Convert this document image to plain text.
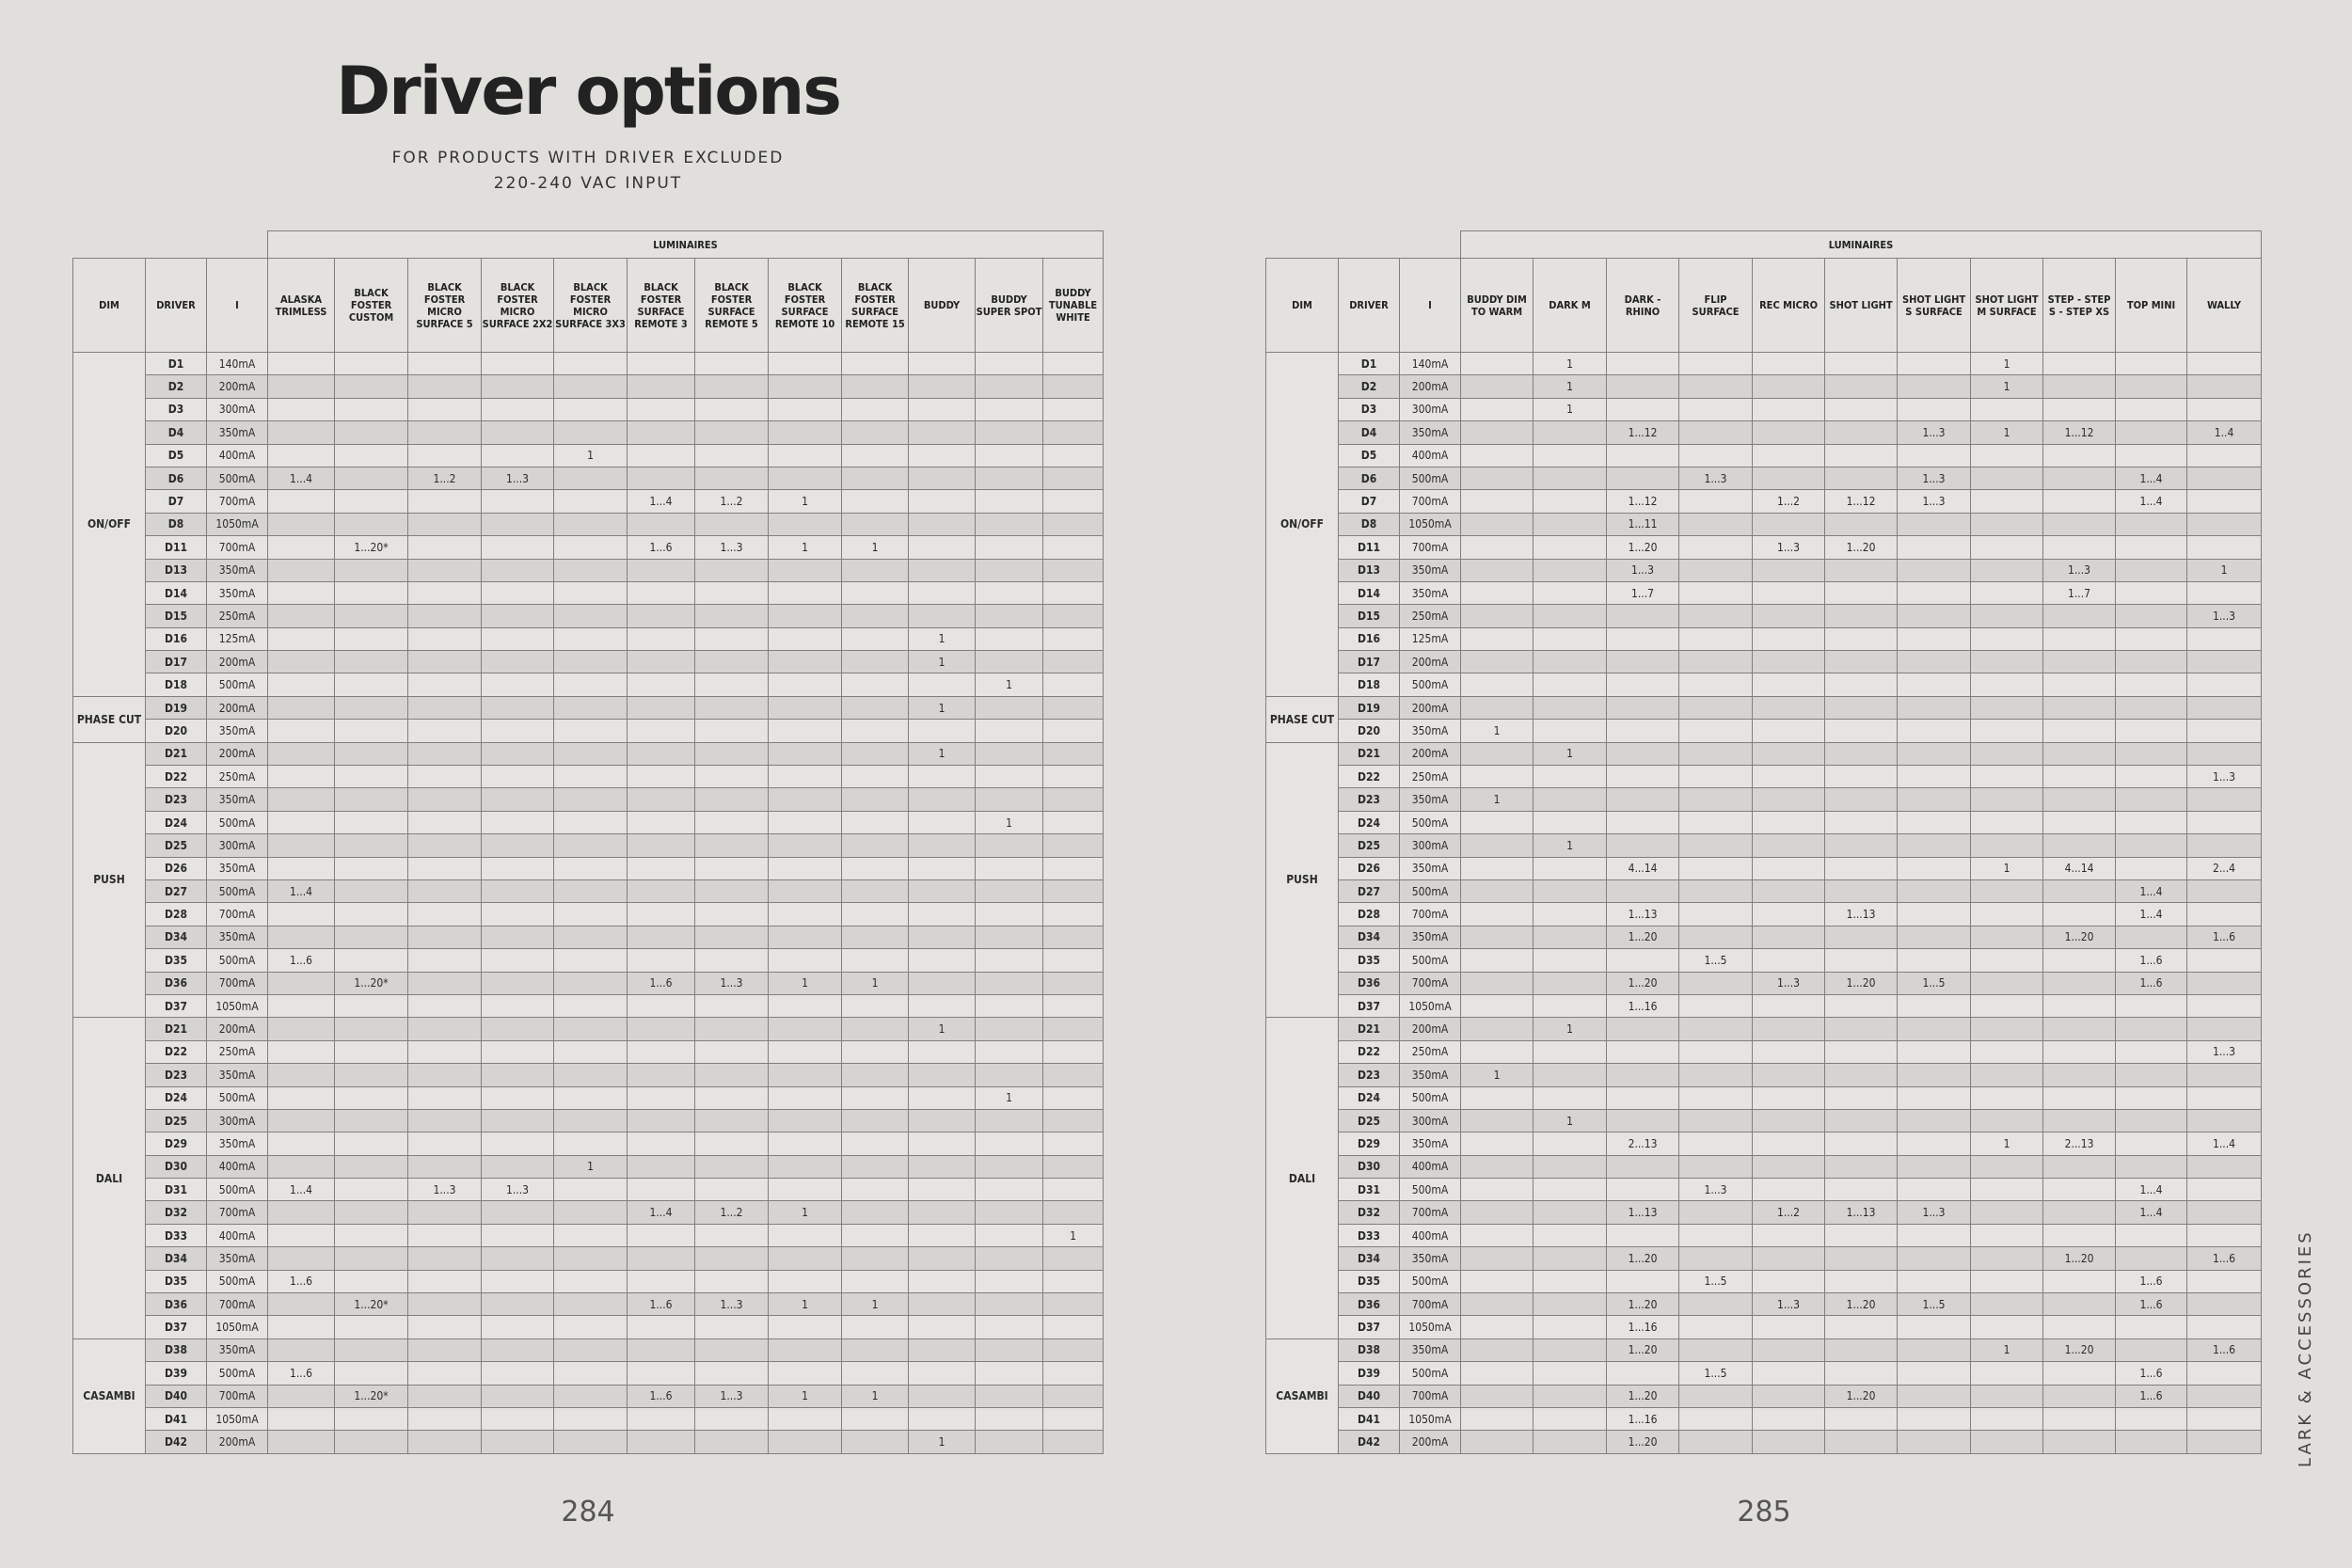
Driver options
FOR PRODUCTS WITH DRIVER EXCLUDED
220-240 VAC INPUT
			LUMINAIRES											
DIM	DRIVER	I	ALASKA TRIMLESS	BLACK FOSTER CUSTOM	BLACK FOSTER MICRO SURFACE 5	BLACK FOSTER MICRO SURFACE 2X2	BLACK FOSTER MICRO SURFACE 3X3	BLACK FOSTER SURFACE REMOTE 3	BLACK FOSTER SURFACE REMOTE 5	BLACK FOSTER SURFACE REMOTE 10	BLACK FOSTER SURFACE REMOTE 15	BUDDY	BUDDY SUPER SPOT	BUDDY TUNABLE WHITE
ON/OFF	D1	140mA												
	D2	200mA												
	D3	300mA												
	D4	350mA												
	D5	400mA					1							
	D6	500mA	1...4		1...2	1...3								
	D7	700mA						1...4	1...2	1				
	D8	1050mA												
	D11	700mA		1...20*				1...6	1...3	1	1			
	D13	350mA												
	D14	350mA												
	D15	250mA												
	D16	125mA										1		
	D17	200mA										1		
	D18	500mA											1	
PHASE CUT	D19	200mA										1		
	D20	350mA												
PUSH	D21	200mA										1		
	D22	250mA												
	D23	350mA												
	D24	500mA											1	
	D25	300mA												
	D26	350mA												
	D27	500mA	1...4											
	D28	700mA												
	D34	350mA												
	D35	500mA	1...6											
	D36	700mA		1...20*				1...6	1...3	1	1			
	D37	1050mA												
DALI	D21	200mA										1		
	D22	250mA												
	D23	350mA												
	D24	500mA											1	
	D25	300mA												
	D29	350mA												
	D30	400mA					1							
	D31	500mA	1...4		1...3	1...3								
	D32	700mA						1...4	1...2	1				
	D33	400mA												1
	D34	350mA												
	D35	500mA	1...6											
	D36	700mA		1...20*				1...6	1...3	1	1			
	D37	1050mA												
CASAMBI	D38	350mA												
	D39	500mA	1...6											
	D40	700mA		1...20*				1...6	1...3	1	1			
	D41	1050mA												
	D42	200mA										1		
			LUMINAIRES										
DIM	DRIVER	I	BUDDY DIM TO WARM	DARK M	DARK - RHINO	FLIP SURFACE	REC MICRO	SHOT LIGHT	SHOT LIGHT S SURFACE	SHOT LIGHT M SURFACE	STEP - STEP S - STEP XS	TOP MINI	WALLY
ON/OFF	D1	140mA		1						1			
	D2	200mA		1						1			
	D3	300mA		1									
	D4	350mA			1...12				1...3	1	1...12		1..4
	D5	400mA											
	D6	500mA				1...3			1...3			1...4	
	D7	700mA			1...12		1...2	1...12	1...3			1...4	
	D8	1050mA			1...11								
	D11	700mA			1...20		1...3	1...20					
	D13	350mA			1...3						1...3		1
	D14	350mA			1...7						1...7		
	D15	250mA											1...3
	D16	125mA											
	D17	200mA											
	D18	500mA											
PHASE CUT	D19	200mA											
	D20	350mA	1										
PUSH	D21	200mA		1									
	D22	250mA											1...3
	D23	350mA	1										
	D24	500mA											
	D25	300mA		1									
	D26	350mA			4...14					1	4...14		2...4
	D27	500mA										1...4	
	D28	700mA			1...13			1...13				1...4	
	D34	350mA			1...20						1...20		1...6
	D35	500mA				1...5						1...6	
	D36	700mA			1...20		1...3	1...20	1...5			1...6	
	D37	1050mA			1...16								
DALI	D21	200mA		1									
	D22	250mA											1...3
	D23	350mA	1										
	D24	500mA											
	D25	300mA		1									
	D29	350mA			2...13					1	2...13		1...4
	D30	400mA											
	D31	500mA				1...3						1...4	
	D32	700mA			1...13		1...2	1...13	1...3			1...4	
	D33	400mA											
	D34	350mA			1...20						1...20		1...6
	D35	500mA				1...5						1...6	
	D36	700mA			1...20		1...3	1...20	1...5			1...6	
	D37	1050mA			1...16								
CASAMBI	D38	350mA			1...20					1	1...20		1...6
	D39	500mA				1...5						1...6	
	D40	700mA			1...20			1...20				1...6	
	D41	1050mA			1...16								
	D42	200mA			1...20								
284	285
LARK & ACCESSORIES
